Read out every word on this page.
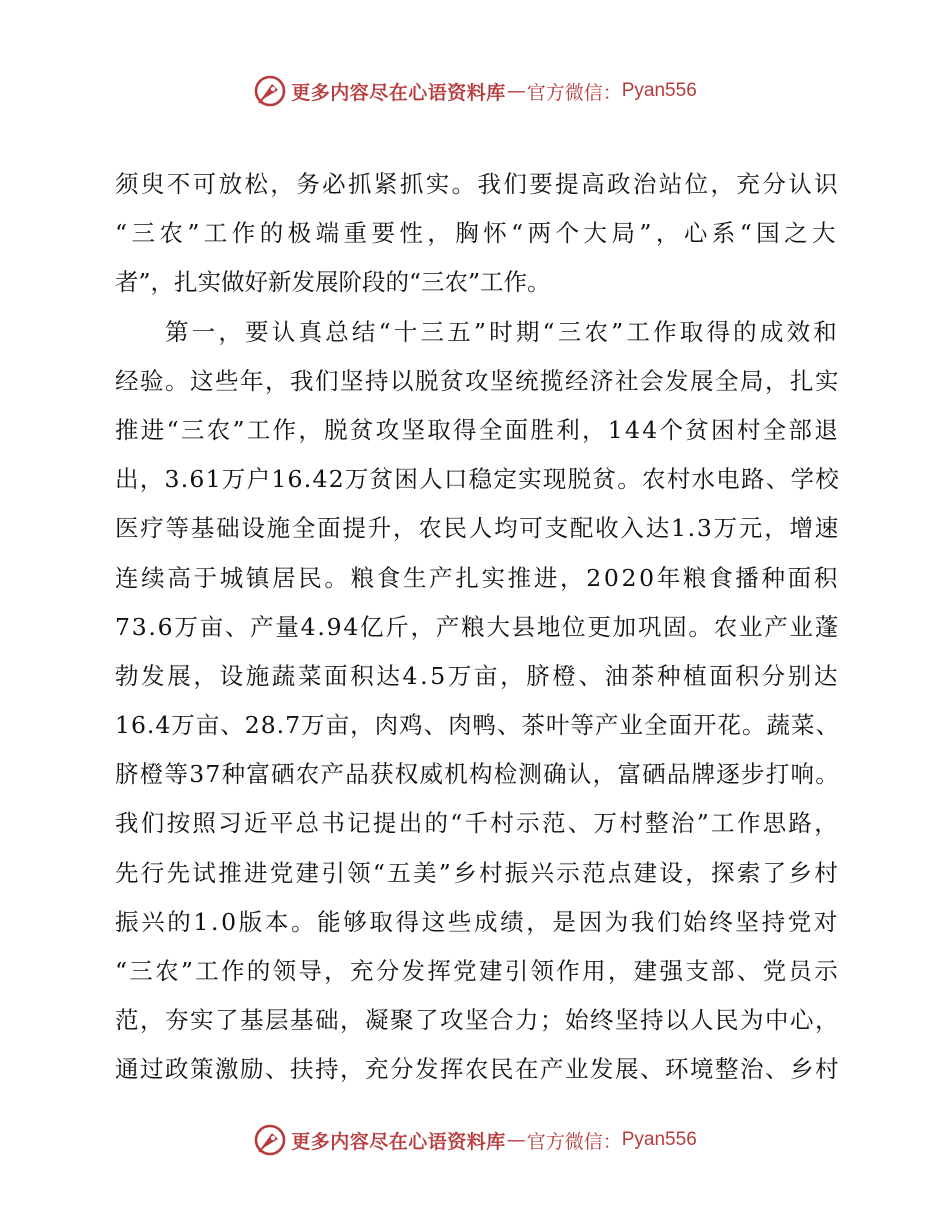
更多内容尽在心语资料库 — 官方微信： Pyan556
须臾不可放松，务必抓紧抓实。我们要提高政治站位，充分认识
“三农”工作的极端重要性，胸怀“两个大局”，心系“国之大
者”，扎实做好新发展阶段的“三农”工作。
第一，要认真总结“十三五”时期“三农”工作取得的成效和
经验。这些年，我们坚持以脱贫攻坚统揽经济社会发展全局，扎实
推进“三农”工作，脱贫攻坚取得全面胜利，144个贫困村全部退
出，3.61万户16.42万贫困人口稳定实现脱贫。农村水电路、学校
医疗等基础设施全面提升，农民人均可支配收入达1.3万元，增速
连续高于城镇居民。粮食生产扎实推进，2020年粮食播种面积
73.6万亩、产量4.94亿斤，产粮大县地位更加巩固。农业产业蓬
勃发展，设施蔬菜面积达4.5万亩，脐橙、油茶种植面积分别达
16.4万亩、28.7万亩，肉鸡、肉鸭、茶叶等产业全面开花。蔬菜、
脐橙等37种富硒农产品获权威机构检测确认，富硒品牌逐步打响。
我们按照习近平总书记提出的“千村示范、万村整治”工作思路，
先行先试推进党建引领“五美”乡村振兴示范点建设，探索了乡村
振兴的1.0版本。能够取得这些成绩，是因为我们始终坚持党对
“三农”工作的领导，充分发挥党建引领作用，建强支部、党员示
范，夯实了基层基础，凝聚了攻坚合力；始终坚持以人民为中心，
通过政策激励、扶持，充分发挥农民在产业发展、环境整治、乡村
更多内容尽在心语资料库 — 官方微信： Pyan556
